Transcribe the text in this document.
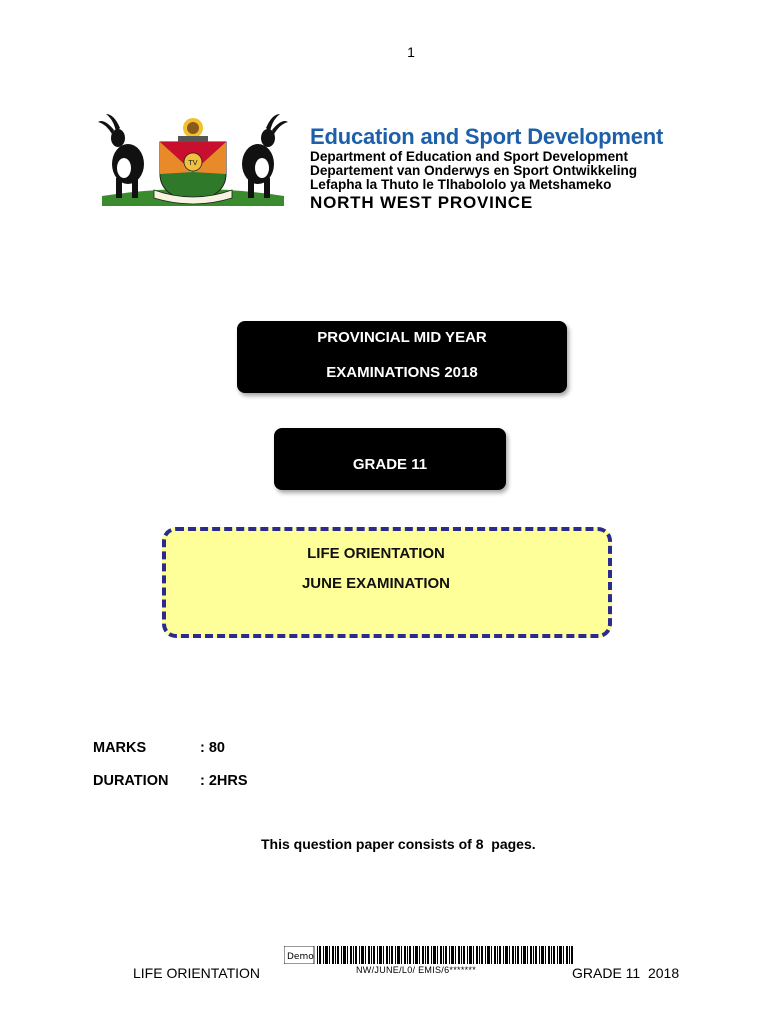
1
TV
Education and Sport Development
Department of Education and Sport Development
Departement van Onderwys en Sport Ontwikkeling
Lefapha la Thuto le Tlhabololo ya Metshameko
NORTH WEST PROVINCE
PROVINCIAL MID YEAR
EXAMINATIONS 2018
GRADE 11
LIFE ORIENTATION
JUNE EXAMINATION
MARKS	: 80
DURATION : 2HRS
This question paper consists of 8  pages.
Demo
NW/JUNE/L0/ EMIS/6*******
LIFE ORIENTATION	GRADE 11  2018
